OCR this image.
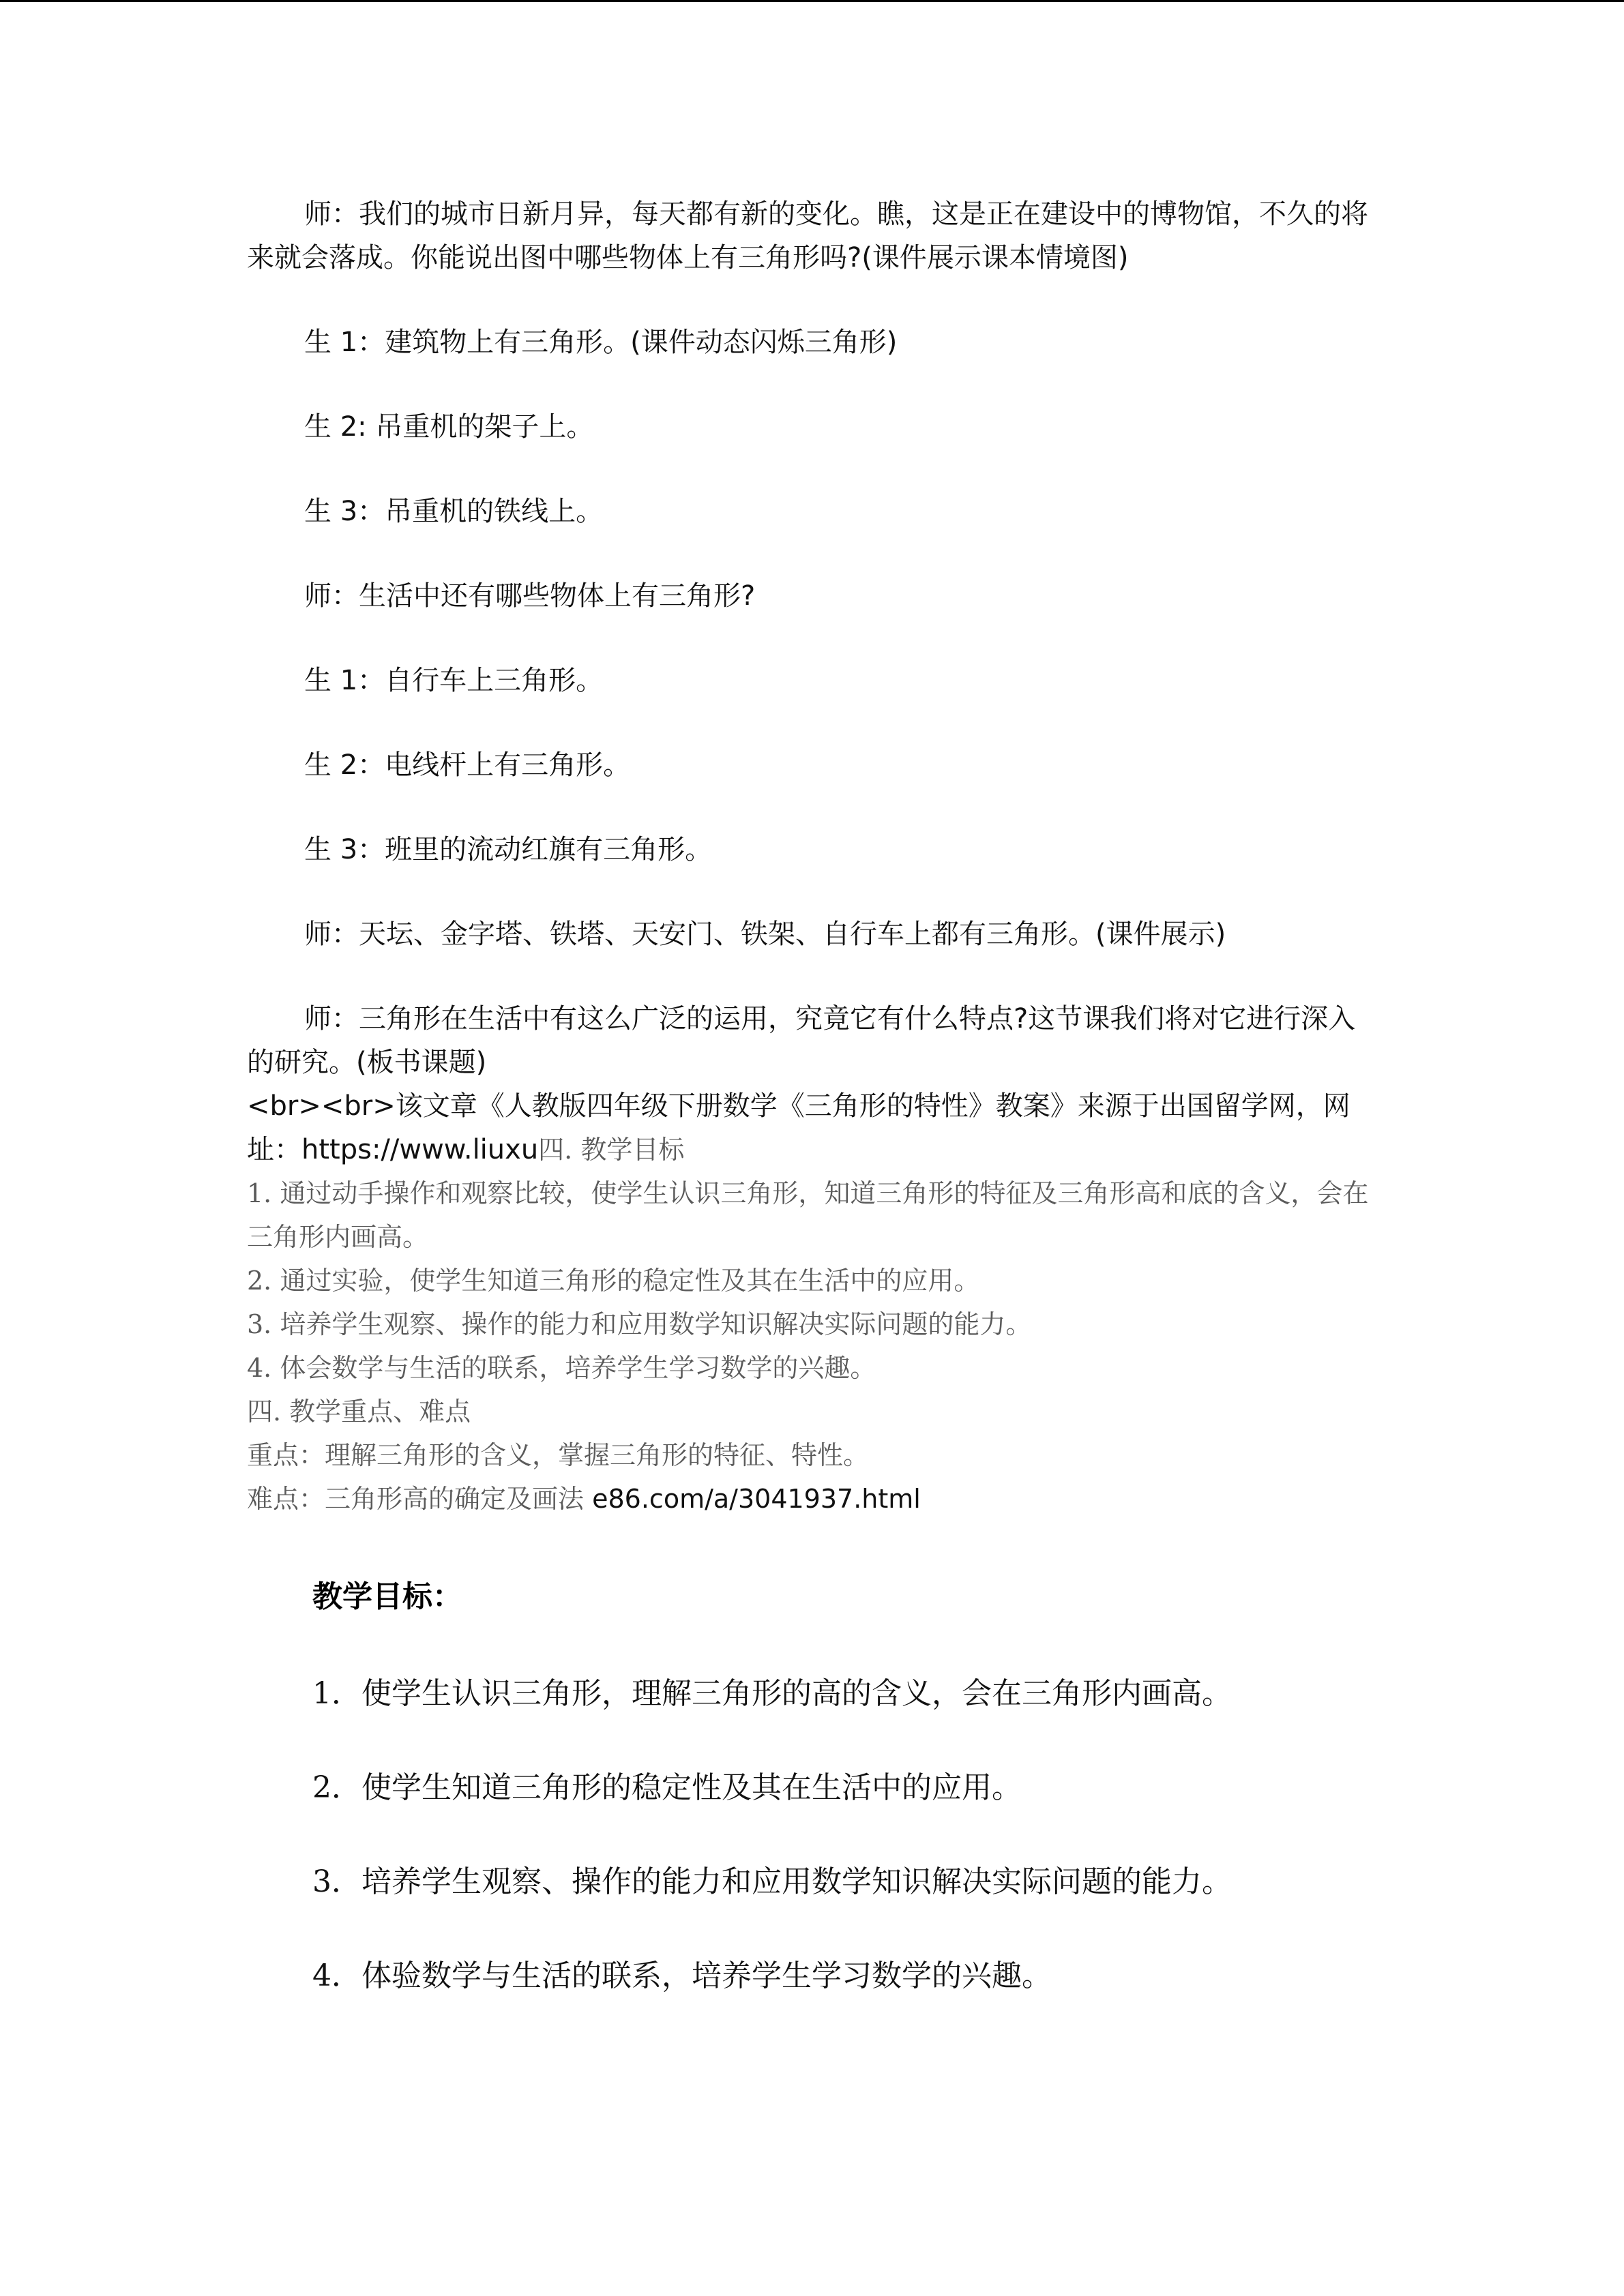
师：我们的城市日新月异，每天都有新的变化。瞧，这是正在建设中的博物馆，不久的将来就会落成。你能说出图中哪些物体上有三角形吗?(课件展示课本情境图)

生 1：建筑物上有三角形。(课件动态闪烁三角形)

生 2: 吊重机的架子上。

生 3：吊重机的铁线上。

师：生活中还有哪些物体上有三角形?

生 1：自行车上三角形。

生 2：电线杆上有三角形。

生 3：班里的流动红旗有三角形。

师：天坛、金字塔、铁塔、天安门、铁架、自行车上都有三角形。(课件展示)

师：三角形在生活中有这么广泛的运用，究竟它有什么特点?这节课我们将对它进行深入的研究。(板书课题)

<br><br>该文章《人教版四年级下册数学《三角形的特性》教案》来源于出国留学网，网址：https://www.liuxu四. 教学目标
1. 通过动手操作和观察比较，使学生认识三角形，知道三角形的特征及三角形高和底的含义，会在三角形内画高。
2. 通过实验，使学生知道三角形的稳定性及其在生活中的应用。
3. 培养学生观察、操作的能力和应用数学知识解决实际问题的能力。
4. 体会数学与生活的联系，培养学生学习数学的兴趣。
四. 教学重点、难点
重点：理解三角形的含义，掌握三角形的特征、特性。
难点：三角形高的确定及画法 e86.com/a/3041937.html
教学目标：
1．使学生认识三角形，理解三角形的高的含义，会在三角形内画高。
2．使学生知道三角形的稳定性及其在生活中的应用。
3．培养学生观察、操作的能力和应用数学知识解决实际问题的能力。
4．体验数学与生活的联系，培养学生学习数学的兴趣。
